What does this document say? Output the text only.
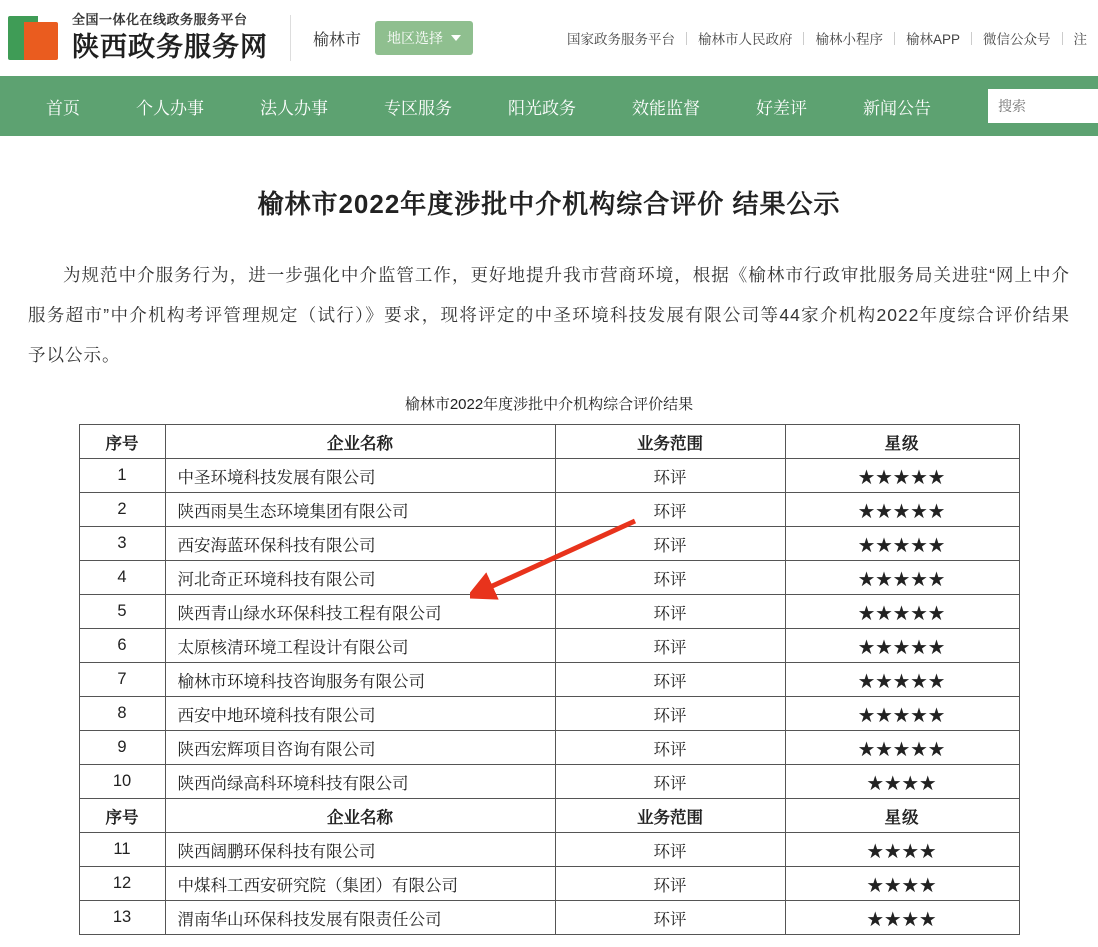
全国一体化在线政务服务平台
陕西政务服务网	榆林市 地区选择	国家政务服务平台	榆林市人民政府	榆林小程序	榆林APP	微信公众号	注
首页	个人办事	法人办事	专区服务	阳光政务	效能监督	好差评	新闻公告
搜索
榆林市2022年度涉批中介机构综合评价 结果公示
为规范中介服务行为，进一步强化中介监管工作，更好地提升我市营商环境，根据《榆林市行政审批服务局关进驻“网上中介服务超市”中介机构考评管理规定（试行）》要求，现将评定的中圣环境科技发展有限公司等44家介机构2022年度综合评价结果予以公示。
榆林市2022年度涉批中介机构综合评价结果
序号	企业名称	业务范围	星级
1	中圣环境科技发展有限公司	环评	★★★★★
2	陕西雨昊生态环境集团有限公司	环评	★★★★★
3	西安海蓝环保科技有限公司	环评	★★★★★
4	河北奇正环境科技有限公司	环评	★★★★★
5	陕西青山绿水环保科技工程有限公司	环评	★★★★★
6	太原核清环境工程设计有限公司	环评	★★★★★
7	榆林市环境科技咨询服务有限公司	环评	★★★★★
8	西安中地环境科技有限公司	环评	★★★★★
9	陕西宏辉项目咨询有限公司	环评	★★★★★
10	陕西尚绿高科环境科技有限公司	环评	★★★★
序号	企业名称	业务范围	星级
11	陕西阔鹏环保科技有限公司	环评	★★★★
12	中煤科工西安研究院（集团）有限公司	环评	★★★★
13	渭南华山环保科技发展有限责任公司	环评	★★★★
